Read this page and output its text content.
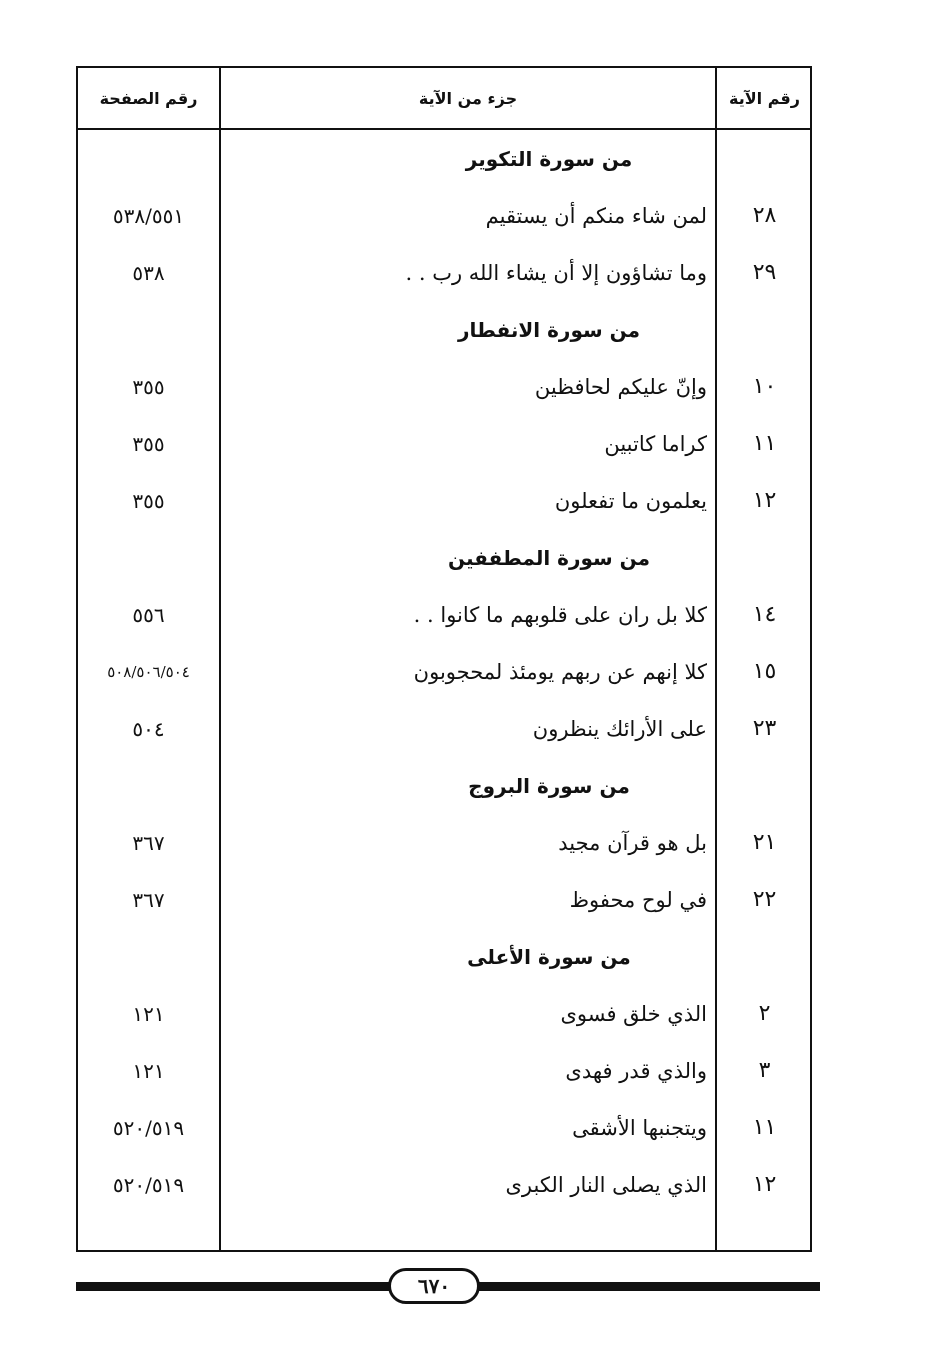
رقم الآية
جزء من الآية
رقم الصفحة
من سورة التكوير
٢٨
لمن شاء منكم أن يستقيم
٥٣٨/٥٥١
٢٩
وما تشاؤون إلا أن يشاء الله رب . .
٥٣٨
من سورة الانفطار
١٠
وإنّ عليكم لحافظين
٣٥٥
١١
كراما كاتبين
٣٥٥
١٢
يعلمون ما تفعلون
٣٥٥
من سورة المطففين
١٤
كلا بل ران على قلوبهم ما كانوا . .
٥٥٦
١٥
كلا إنهم عن ربهم يومئذ لمحجوبون
٥٠٨/٥٠٦/٥٠٤
٢٣
على الأرائك ينظرون
٥٠٤
من سورة البروج
٢١
بل هو قرآن مجيد
٣٦٧
٢٢
في لوح محفوظ
٣٦٧
من سورة الأعلى
٢
الذي خلق فسوى
١٢١
٣
والذي قدر فهدى
١٢١
١١
ويتجنبها الأشقى
٥٢٠/٥١٩
١٢
الذي يصلى النار الكبرى
٥٢٠/٥١٩
٦٧٠
